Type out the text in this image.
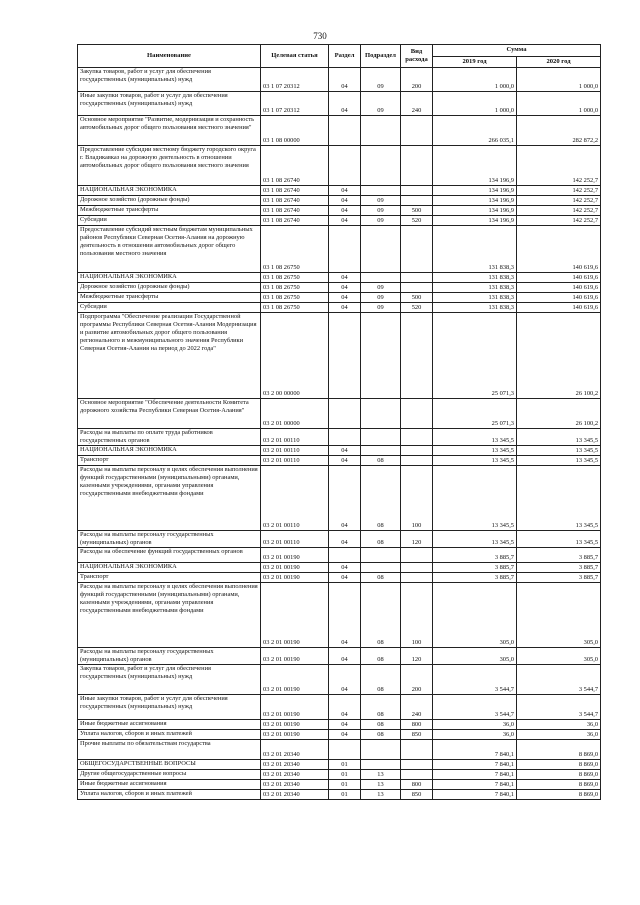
730
Наименование	Целевая статья	Раздел	Подраздел	Вид расхода	Сумма	
					2019 год	2020 год
Закупка товаров, работ и услуг для обеспечения государственных (муниципальных) нужд	03 1 07 20312	04	09	200	1 000,0	1 000,0
Иные закупки товаров, работ и услуг для обеспечения государственных (муниципальных) нужд	03 1 07 20312	04	09	240	1 000,0	1 000,0
Основное мероприятие "Развитие, модернизация и сохранность автомобильных дорог общего пользования местного значения"	03 1 08 00000				266 035,1	282 872,2
Предоставление субсидии местному бюджету городского округа г. Владикавказ на дорожную деятельность в отношении автомобильных дорог общего пользования местного значения	03 1 08 26740				134 196,9	142 252,7
НАЦИОНАЛЬНАЯ ЭКОНОМИКА	03 1 08 26740	04			134 196,9	142 252,7
Дорожное хозяйство (дорожные фонды)	03 1 08 26740	04	09		134 196,9	142 252,7
Межбюджетные трансферты	03 1 08 26740	04	09	500	134 196,9	142 252,7
Субсидии	03 1 08 26740	04	09	520	134 196,9	142 252,7
Предоставление субсидий местным бюджетам муниципальных районов Республики Северная Осетия-Алания на дорожную деятельность в отношении автомобильных дорог общего пользования местного значения	03 1 08 26750				131 838,3	140 619,6
НАЦИОНАЛЬНАЯ ЭКОНОМИКА	03 1 08 26750	04			131 838,3	140 619,6
Дорожное хозяйство (дорожные фонды)	03 1 08 26750	04	09		131 838,3	140 619,6
Межбюджетные трансферты	03 1 08 26750	04	09	500	131 838,3	140 619,6
Субсидии	03 1 08 26750	04	09	520	131 838,3	140 619,6
Подпрограмма "Обеспечение реализации Государственной программы Республики Северная Осетия-Алания Модернизация и развитие автомобильных дорог общего пользования регионального и межмуниципального значения Республики Северная Осетия-Алания на период до 2022 года"	03 2 00 00000				25 071,3	26 100,2
Основное мероприятие "Обеспечение деятельности Комитета дорожного хозяйства Республики Северная Осетия-Алания"	03 2 01 00000				25 071,3	26 100,2
Расходы на выплаты по оплате труда работников государственных органов	03 2 01 00110				13 345,5	13 345,5
НАЦИОНАЛЬНАЯ ЭКОНОМИКА	03 2 01 00110	04			13 345,5	13 345,5
Транспорт	03 2 01 00110	04	08		13 345,5	13 345,5
Расходы на выплаты персоналу в целях обеспечения выполнения функций государственными (муниципальными) органами, казенными учреждениями, органами управления государственными внебюджетными фондами	03 2 01 00110	04	08	100	13 345,5	13 345,5
Расходы на выплаты персоналу государственных (муниципальных) органов	03 2 01 00110	04	08	120	13 345,5	13 345,5
Расходы на обеспечение функций государственных органов	03 2 01 00190				3 885,7	3 885,7
НАЦИОНАЛЬНАЯ ЭКОНОМИКА	03 2 01 00190	04			3 885,7	3 885,7
Транспорт	03 2 01 00190	04	08		3 885,7	3 885,7
Расходы на выплаты персоналу в целях обеспечения выполнения функций государственными (муниципальными) органами, казенными учреждениями, органами управления государственными внебюджетными фондами	03 2 01 00190	04	08	100	305,0	305,0
Расходы на выплаты персоналу государственных (муниципальных) органов	03 2 01 00190	04	08	120	305,0	305,0
Закупка товаров, работ и услуг для обеспечения государственных (муниципальных) нужд	03 2 01 00190	04	08	200	3 544,7	3 544,7
Иные закупки товаров, работ и услуг для обеспечения государственных (муниципальных) нужд	03 2 01 00190	04	08	240	3 544,7	3 544,7
Иные бюджетные ассигнования	03 2 01 00190	04	08	800	36,0	36,0
Уплата налогов, сборов и иных платежей	03 2 01 00190	04	08	850	36,0	36,0
Прочие выплаты по обязательствам государства	03 2 01 20340				7 840,1	8 869,0
ОБЩЕГОСУДАРСТВЕННЫЕ ВОПРОСЫ	03 2 01 20340	01			7 840,1	8 869,0
Другие общегосударственные вопросы	03 2 01 20340	01	13		7 840,1	8 869,0
Иные бюджетные ассигнования	03 2 01 20340	01	13	800	7 840,1	8 869,0
Уплата налогов, сборов и иных платежей	03 2 01 20340	01	13	850	7 840,1	8 869,0
